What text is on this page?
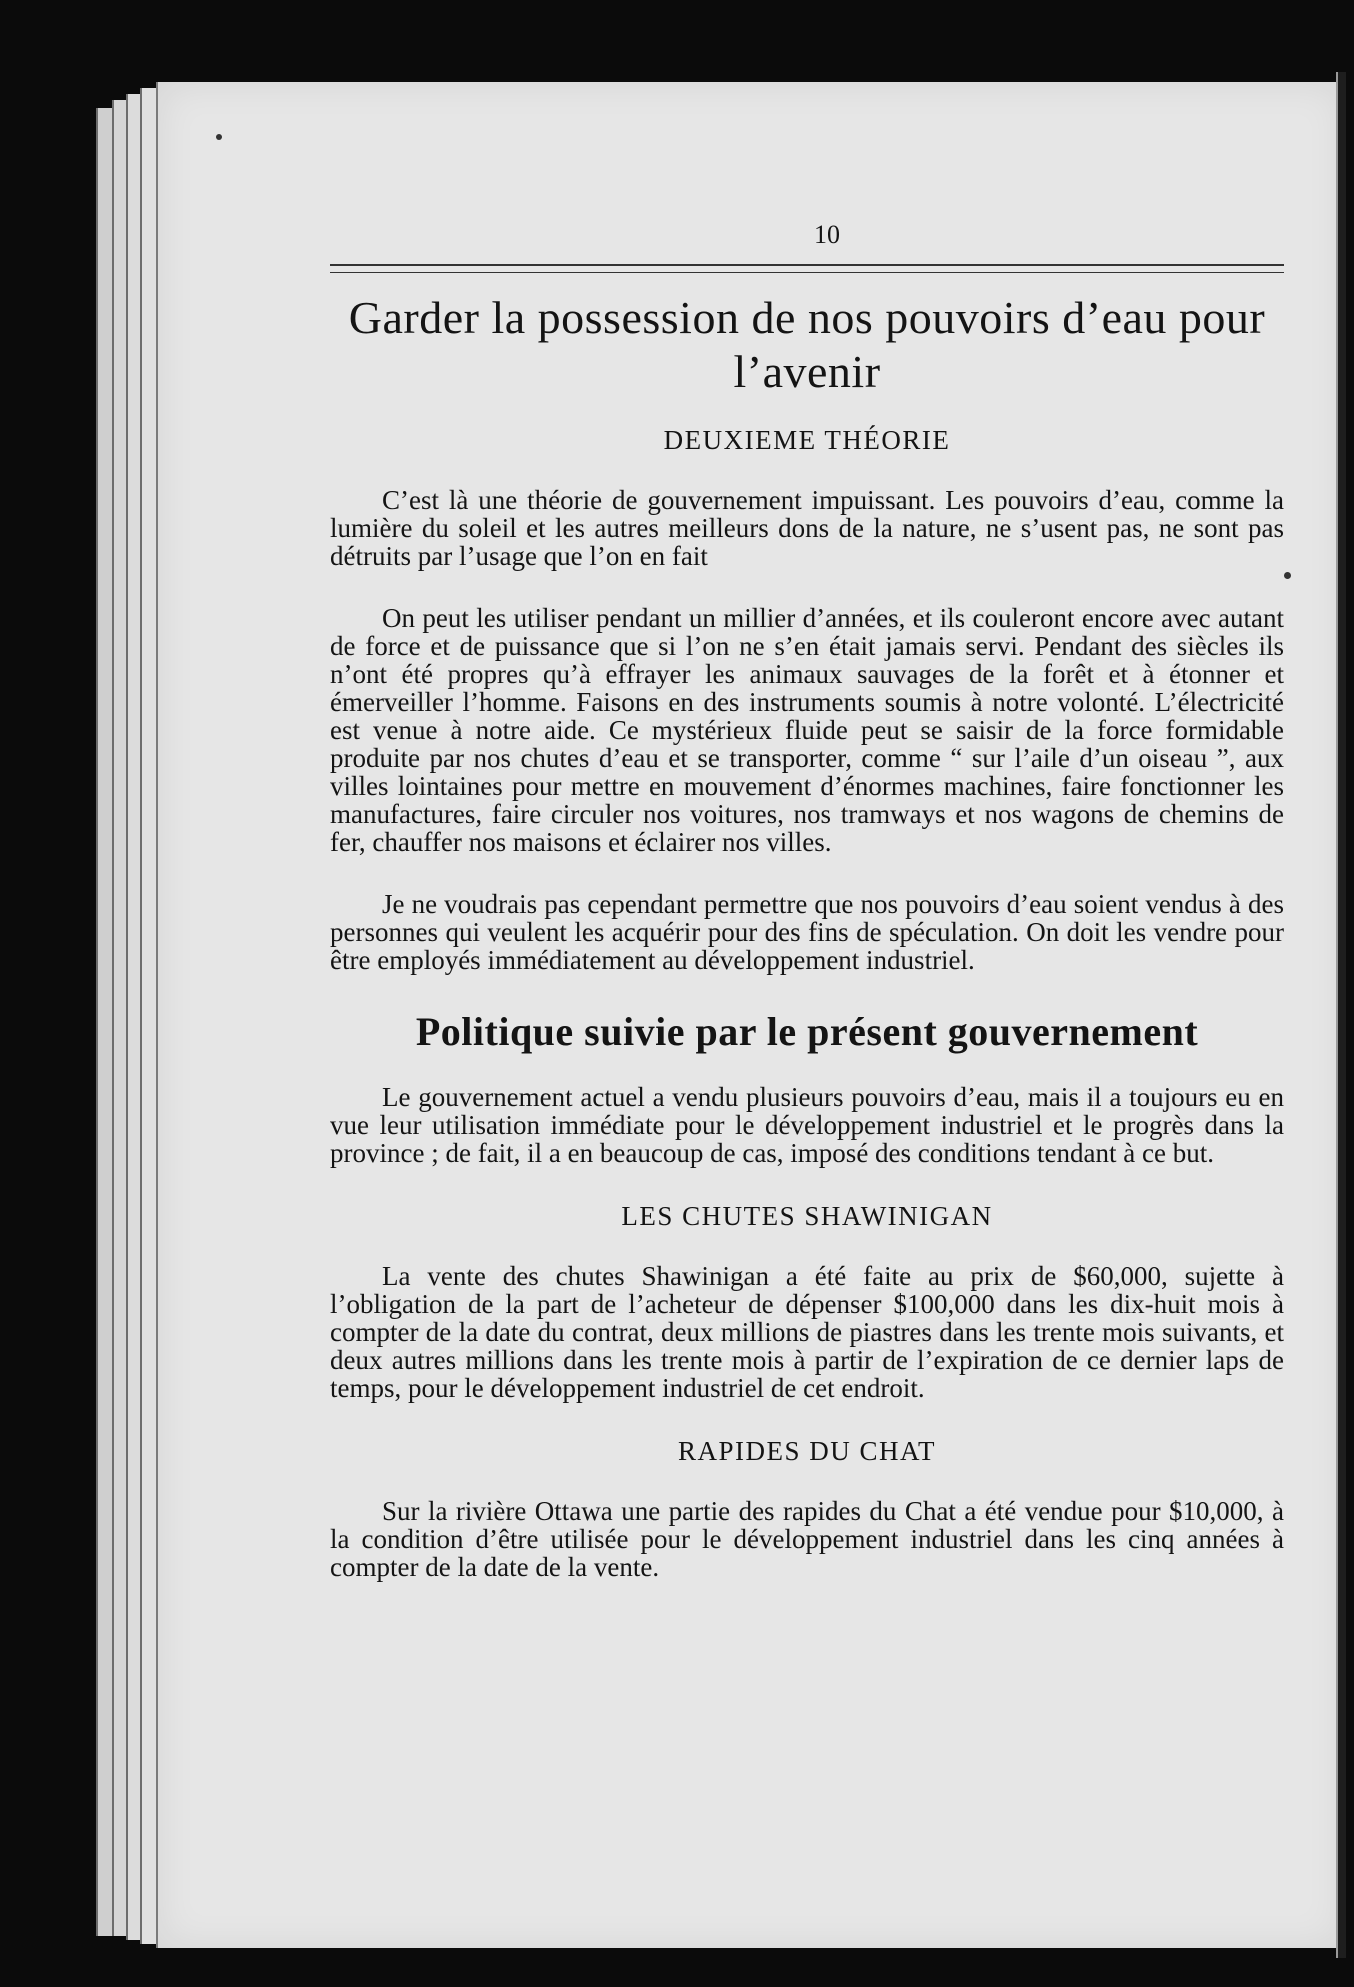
10
Garder la possession de nos pouvoirs d’eau pour l’avenir
DEUXIEME THÉORIE

C’est là une théorie de gouvernement impuissant. Les pouvoirs d’eau, comme la lumière du soleil et les autres meilleurs dons de la nature, ne s’usent pas, ne sont pas détruits par l’usage que l’on en fait

On peut les utiliser pendant un millier d’années, et ils couleront encore avec autant de force et de puissance que si l’on ne s’en était jamais servi. Pendant des siècles ils n’ont été propres qu’à effrayer les animaux sauvages de la forêt et à étonner et émerveiller l’homme. Faisons en des instruments soumis à notre volonté. L’électricité est venue à notre aide. Ce mystérieux fluide peut se saisir de la force formidable produite par nos chutes d’eau et se transporter, comme “ sur l’aile d’un oiseau ”, aux villes lointaines pour mettre en mouvement d’énormes machines, faire fonctionner les manufactures, faire circuler nos voitures, nos tramways et nos wagons de chemins de fer, chauffer nos maisons et éclairer nos villes.

Je ne voudrais pas cependant permettre que nos pouvoirs d’eau soient vendus à des personnes qui veulent les acquérir pour des fins de spéculation. On doit les vendre pour être employés immédiatement au développement industriel.

Politique suivie par le présent gouvernement

Le gouvernement actuel a vendu plusieurs pouvoirs d’eau, mais il a toujours eu en vue leur utilisation immédiate pour le développement industriel et le progrès dans la province ; de fait, il a en beaucoup de cas, imposé des conditions tendant à ce but.

LES CHUTES SHAWINIGAN

La vente des chutes Shawinigan a été faite au prix de $60,000, sujette à l’obligation de la part de l’acheteur de dépenser $100,000 dans les dix-huit mois à compter de la date du contrat, deux millions de piastres dans les trente mois suivants, et deux autres millions dans les trente mois à partir de l’expiration de ce dernier laps de temps, pour le développement industriel de cet endroit.

RAPIDES DU CHAT

Sur la rivière Ottawa une partie des rapides du Chat a été vendue pour $10,000, à la condition d’être utilisée pour le développement industriel dans les cinq années à compter de la date de la vente.
